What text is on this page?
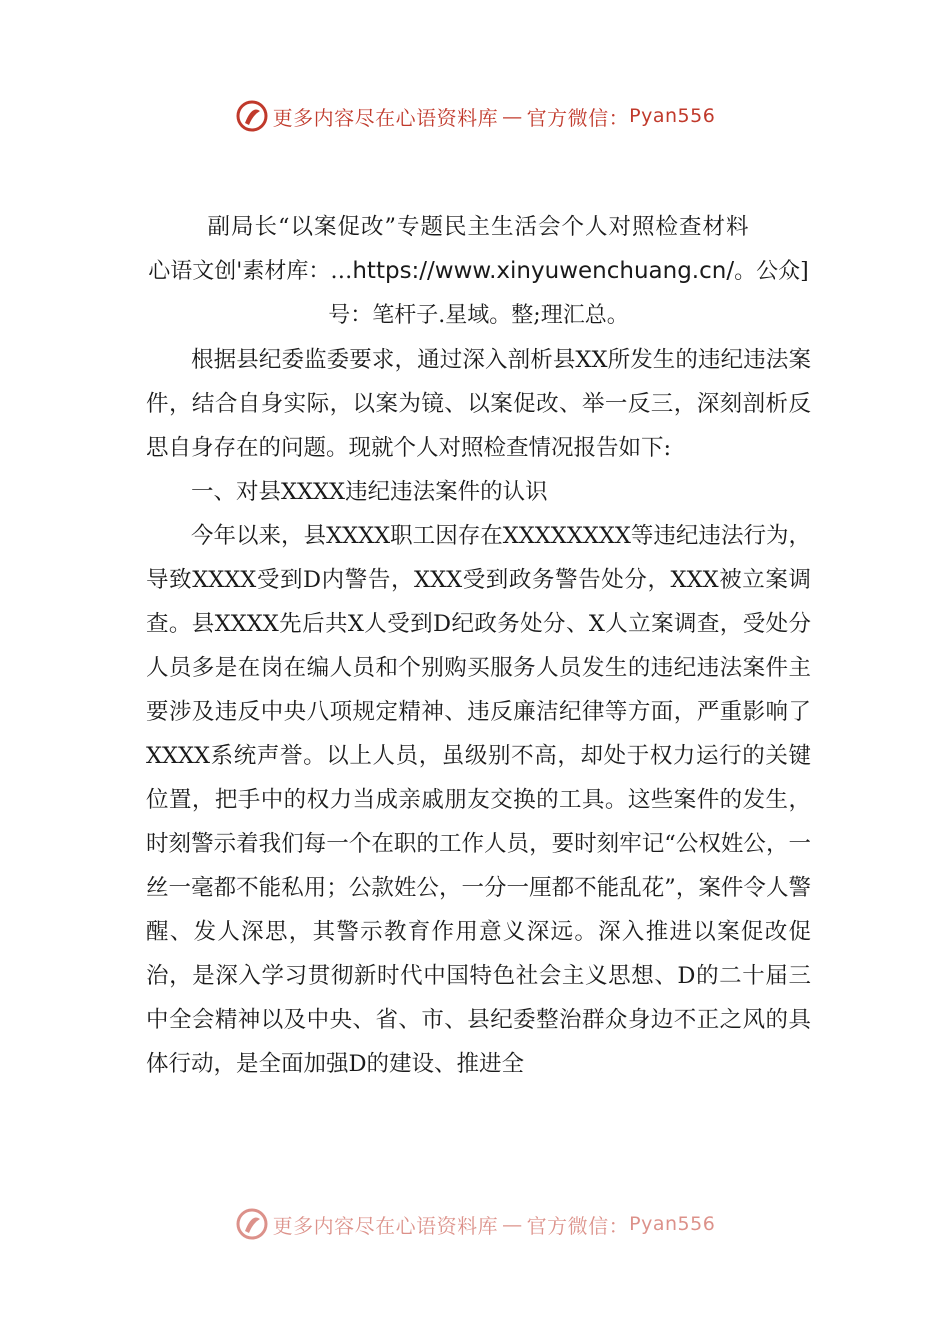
更多内容尽在心语资料库 — 官方微信： Pyan556
副局长“以案促改”专题民主生活会个人对照检查材料
心语文创'素材库：…https://www.xinyuwenchuang.cn/。公众]号：笔杆子.星域。整;理汇总。

根据县纪委监委要求，通过深入剖析县XX所发生的违纪违法案件，结合自身实际，以案为镜、以案促改、举一反三，深刻剖析反思自身存在的问题。现就个人对照检查情况报告如下:

一、对县XXXX违纪违法案件的认识

今年以来，县XXXX职工因存在XXXXXXXX等违纪违法行为，导致XXXX受到D内警告，XXX受到政务警告处分，XXX被立案调查。县XXXX先后共X人受到D纪政务处分、X人立案调查，受处分人员多是在岗在编人员和个别购买服务人员发生的违纪违法案件主要涉及违反中央八项规定精神、违反廉洁纪律等方面，严重影响了XXXX系统声誉。以上人员，虽级别不高，却处于权力运行的关键位置，把手中的权力当成亲戚朋友交换的工具。这些案件的发生，时刻警示着我们每一个在职的工作人员，要时刻牢记“公权姓公，一丝一毫都不能私用；公款姓公，一分一厘都不能乱花”，案件令人警醒、发人深思，其警示教育作用意义深远。深入推进以案促改促治，是深入学习贯彻新时代中国特色社会主义思想、D的二十届三中全会精神以及中央、省、市、县纪委整治群众身边不正之风的具体行动，是全面加强D的建设、推进全

更多内容尽在心语资料库 — 官方微信： Pyan556
